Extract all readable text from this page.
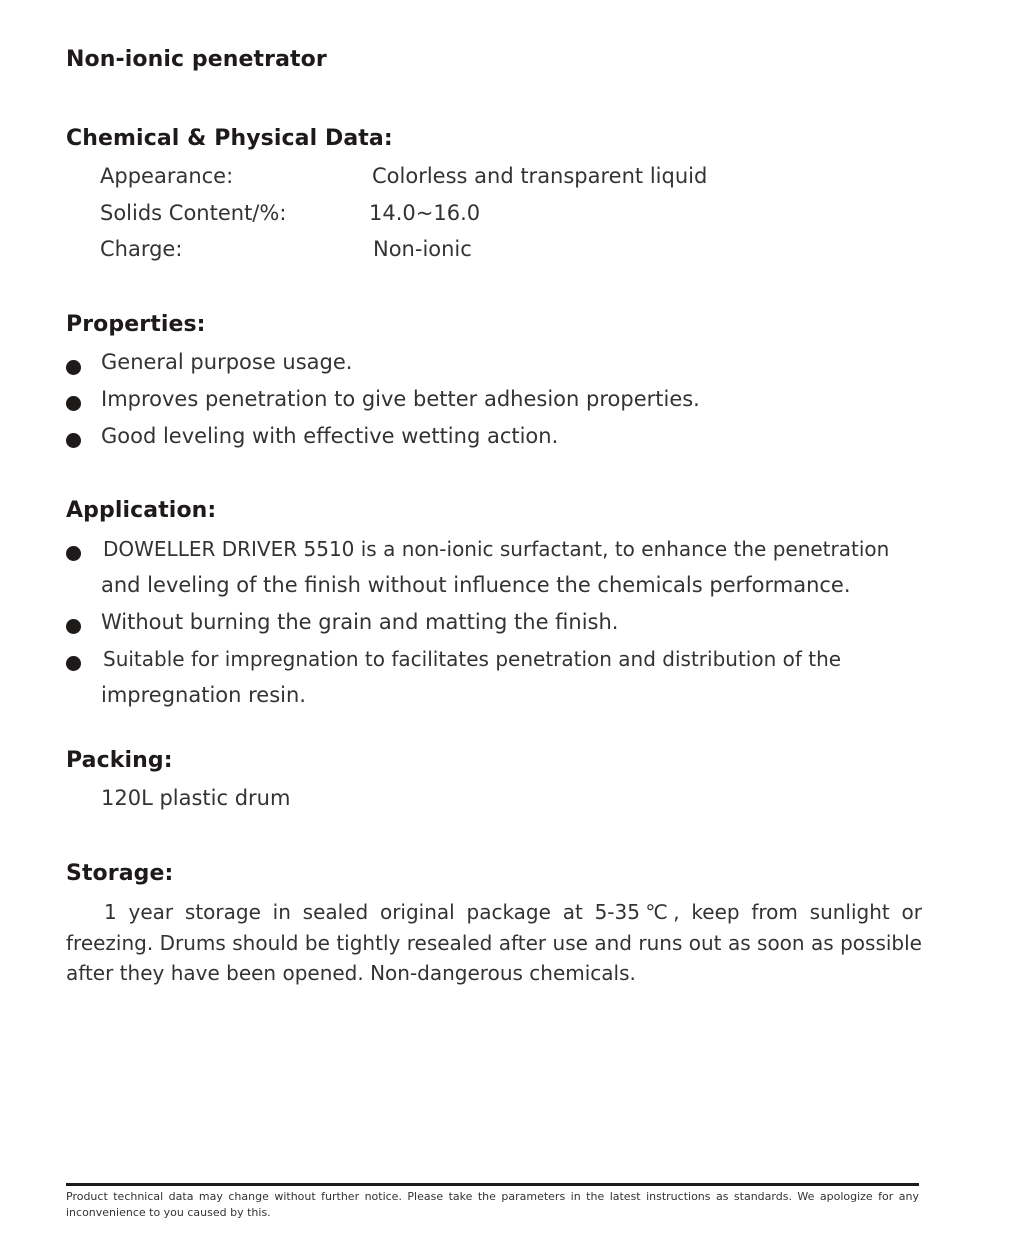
Non-ionic penetrator
Chemical & Physical Data:

Appearance:	Colorless and transparent liquid

Solids Content/%:	14.0~16.0

Charge:	Non-ionic

Properties:

General purpose usage.

Improves penetration to give better adhesion properties.

Good leveling with effective wetting action.

Application:

DOWELLER DRIVER 5510 is a non-ionic surfactant, to enhance the penetration

and leveling of the finish without influence the chemicals performance.

Without burning the grain and matting the finish.

Suitable for impregnation to facilitates penetration and distribution of the

impregnation resin.

Packing:

120L plastic drum

Storage:

1 year storage in sealed original package at 5-35℃, keep from sunlight or freezing. Drums should be tightly resealed after use and runs out as soon as possible after they have been opened. Non-dangerous chemicals.

Product technical data may change without further notice. Please take the parameters in the latest instructions as standards. We apologize for any inconvenience to you caused by this.
